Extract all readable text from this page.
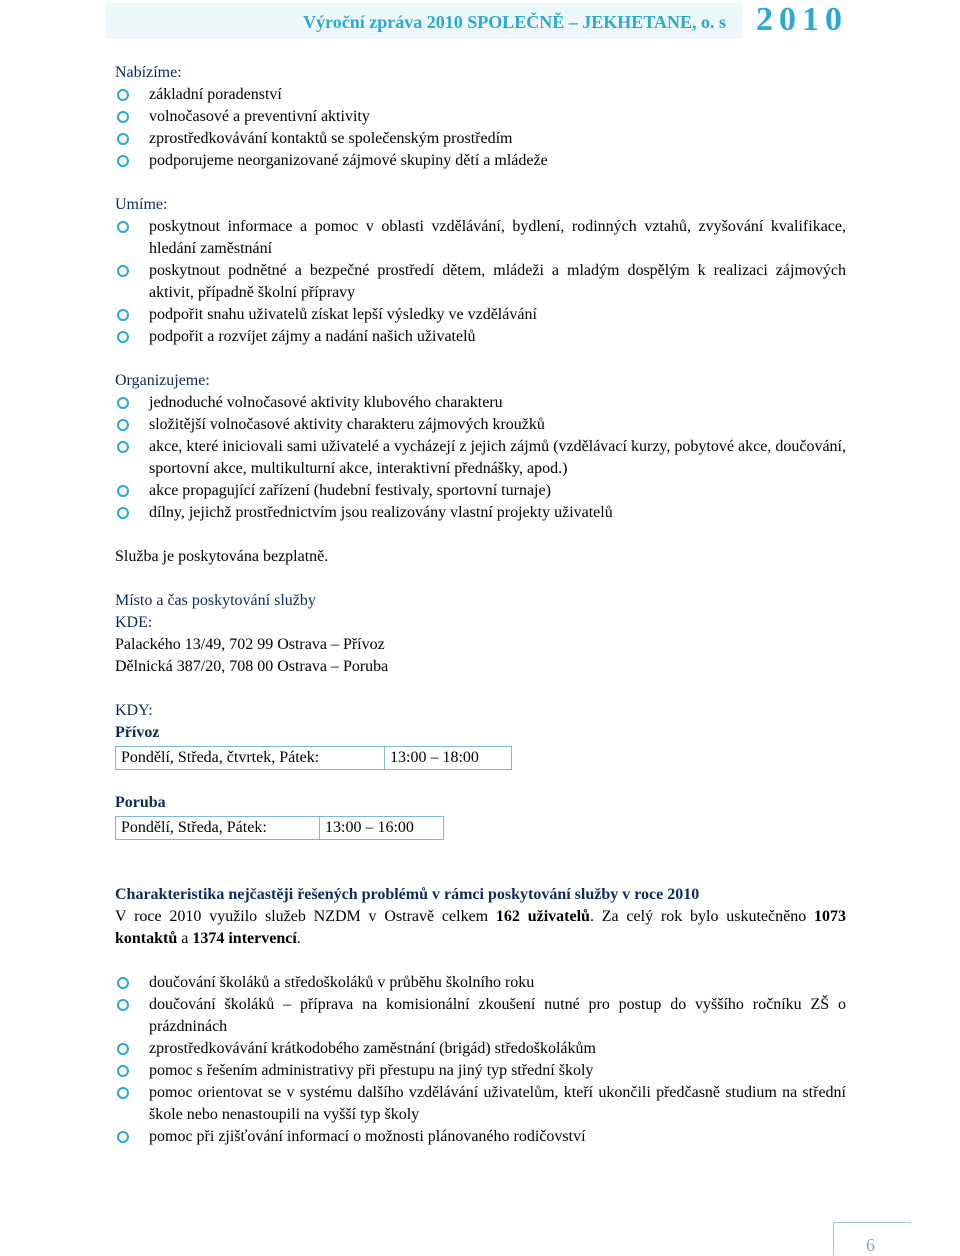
Výroční zpráva 2010 SPOLEČNĚ – JEKHETANE, o. s 2010
Nabízíme:
základní poradenství
volnočasové a preventivní aktivity
zprostředkovávání kontaktů se společenským prostředím
podporujeme neorganizované zájmové skupiny dětí a mládeže
Umíme:
poskytnout informace a pomoc v oblasti vzdělávání, bydlení, rodinných vztahů, zvyšování kvalifikace, hledání zaměstnání
poskytnout podnětné a bezpečné prostředí dětem, mládeži a mladým dospělým k realizaci zájmových aktivit, případně školní přípravy
podpořit snahu uživatelů získat lepší výsledky ve vzdělávání
podpořit a rozvíjet zájmy a nadání našich uživatelů
Organizujeme:
jednoduché volnočasové aktivity klubového charakteru
složitější volnočasové aktivity charakteru zájmových kroužků
akce, které iniciovali sami uživatelé a vycházejí z jejich zájmů (vzdělávací kurzy, pobytové akce, doučování, sportovní akce, multikulturní akce, interaktivní přednášky, apod.)
akce propagující zařízení (hudební festivaly, sportovní turnaje)
dílny, jejichž prostřednictvím jsou realizovány vlastní projekty uživatelů
Služba je poskytována bezplatně.
Místo a čas poskytování služby
KDE:
Palackého 13/49, 702 99 Ostrava – Přívoz
Dělnická 387/20, 708 00 Ostrava – Poruba
KDY:
Přívoz
Pondělí, Středa, čtvrtek, Pátek:	13:00 – 18:00
Poruba
Pondělí, Středa, Pátek:	13:00 – 16:00
Charakteristika nejčastěji řešených problémů v rámci poskytování služby v roce 2010
V roce 2010 využilo služeb NZDM v Ostravě celkem 162 uživatelů. Za celý rok bylo uskutečněno 1073 kontaktů a 1374 intervencí.
doučování školáků a středoškoláků v průběhu školního roku
doučování školáků – příprava na komisionální zkoušení nutné pro postup do vyššího ročníku ZŠ o prázdninách
zprostředkovávání krátkodobého zaměstnání (brigád) středoškolákům
pomoc s řešením administrativy při přestupu na jiný typ střední školy
pomoc orientovat se v systému dalšího vzdělávání uživatelům, kteří ukončili předčasně studium na střední škole nebo nenastoupili na vyšší typ školy
pomoc při zjišťování informací o možnosti plánovaného rodičovství
6
